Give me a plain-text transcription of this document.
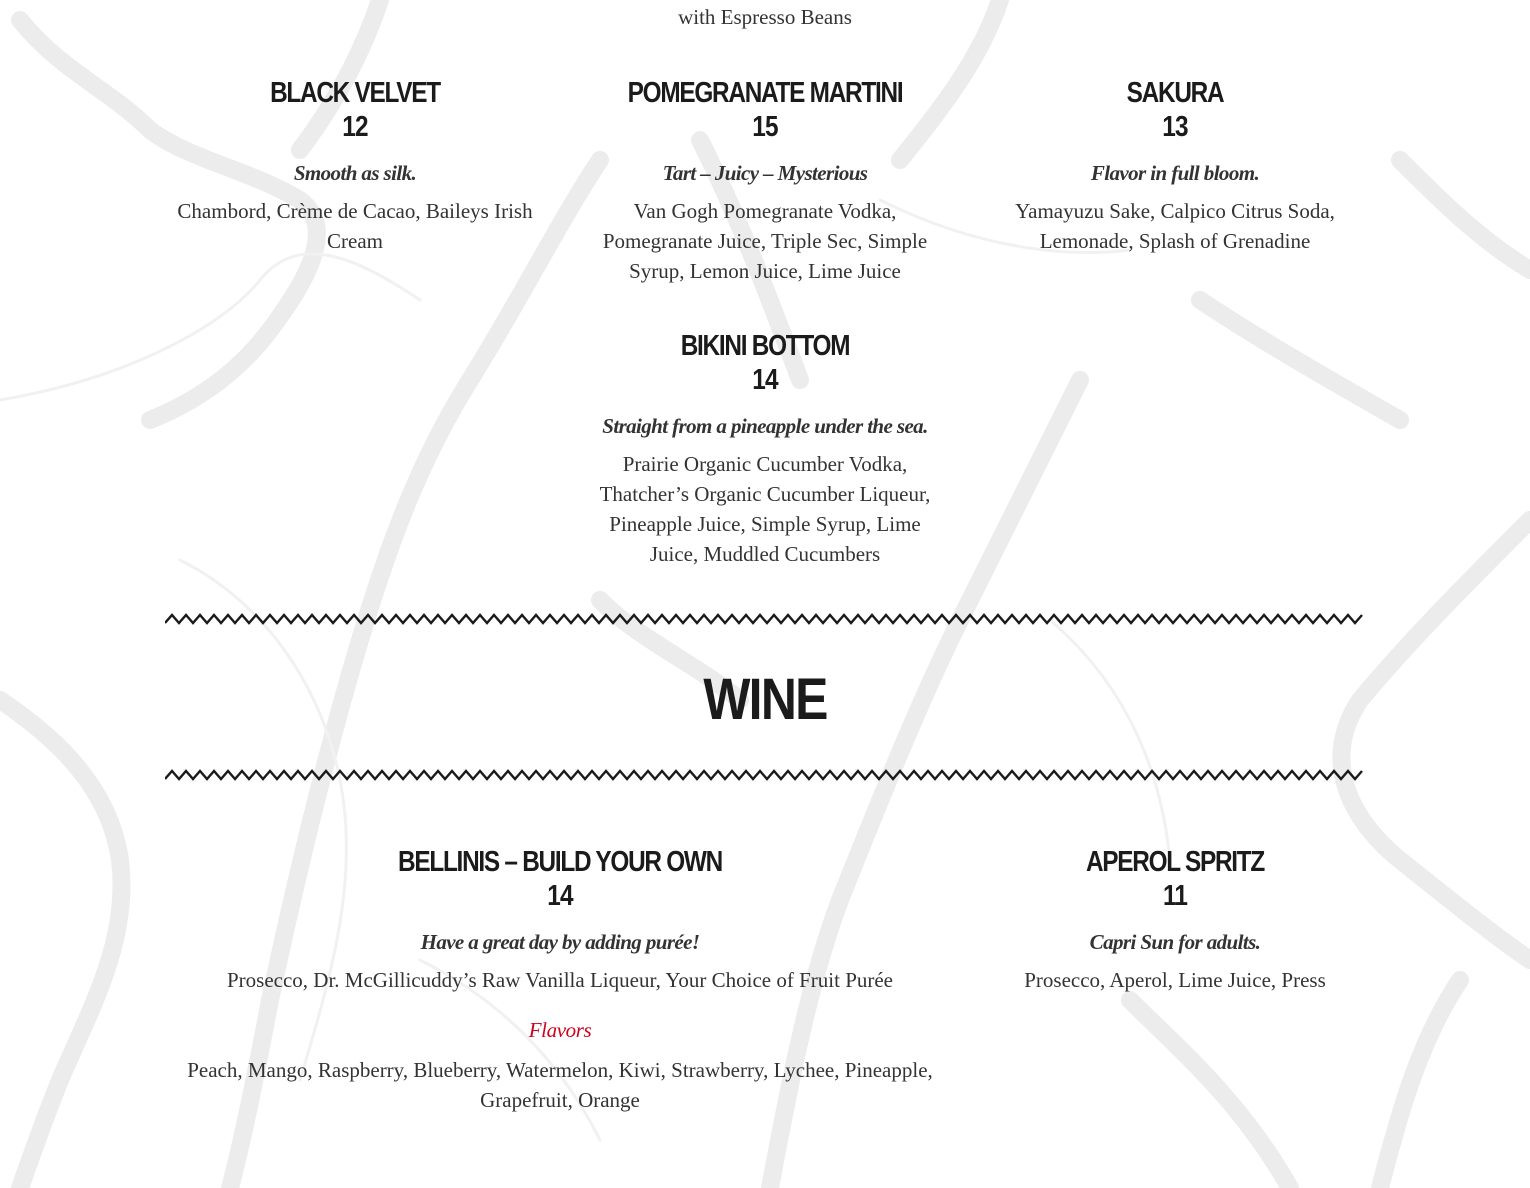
with Espresso Beans
BLACK VELVET
12
Smooth as silk.
Chambord, Crème de Cacao, Baileys Irish Cream
POMEGRANATE MARTINI
15
Tart – Juicy – Mysterious
Van Gogh Pomegranate Vodka, Pomegranate Juice, Triple Sec, Simple Syrup, Lemon Juice, Lime Juice
SAKURA
13
Flavor in full bloom.
Yamayuzu Sake, Calpico Citrus Soda, Lemonade, Splash of Grenadine
BIKINI BOTTOM
14
Straight from a pineapple under the sea.
Prairie Organic Cucumber Vodka, Thatcher’s Organic Cucumber Liqueur, Pineapple Juice, Simple Syrup, Lime Juice, Muddled Cucumbers
WINE
BELLINIS – BUILD YOUR OWN
14
Have a great day by adding purée!
Prosecco, Dr. McGillicuddy’s Raw Vanilla Liqueur, Your Choice of Fruit Purée
Flavors
Peach, Mango, Raspberry, Blueberry, Watermelon, Kiwi, Strawberry, Lychee, Pineapple, Grapefruit, Orange
APEROL SPRITZ
11
Capri Sun for adults.
Prosecco, Aperol, Lime Juice, Press
